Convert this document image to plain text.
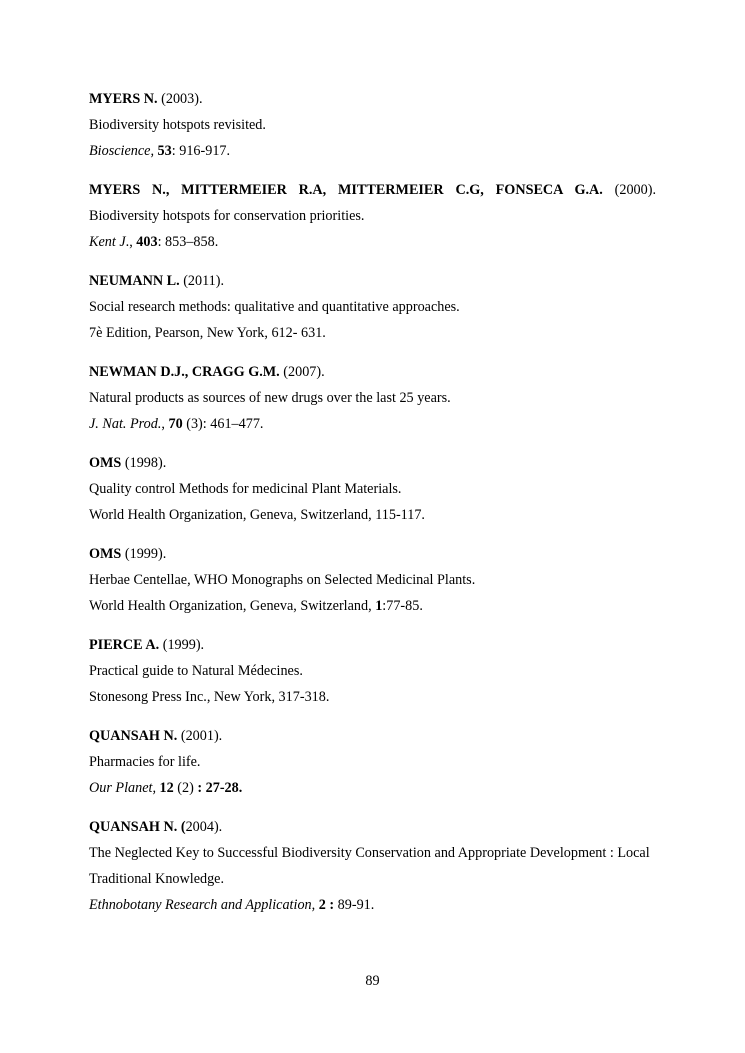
MYERS N. (2003).
Biodiversity hotspots revisited.
Bioscience, 53: 916-917.
MYERS N., MITTERMEIER R.A, MITTERMEIER C.G, FONSECA G.A. (2000).
Biodiversity hotspots for conservation priorities.
Kent J., 403: 853–858.
NEUMANN L. (2011).
Social research methods: qualitative and quantitative approaches.
7è Edition, Pearson, New York, 612- 631.
NEWMAN D.J., CRAGG G.M. (2007).
Natural products as sources of new drugs over the last 25 years.
J. Nat. Prod., 70 (3): 461–477.
OMS (1998).
Quality control Methods for medicinal Plant Materials.
World Health Organization, Geneva, Switzerland, 115-117.
OMS (1999).
Herbae Centellae, WHO Monographs on Selected Medicinal Plants.
World Health Organization, Geneva, Switzerland, 1:77-85.
PIERCE A. (1999).
Practical guide to Natural Médecines.
Stonesong Press Inc., New York, 317-318.
QUANSAH N. (2001).
Pharmacies for life.
Our Planet, 12 (2) : 27-28.
QUANSAH N. (2004).
The Neglected Key to Successful Biodiversity Conservation and Appropriate Development : Local Traditional Knowledge.
Ethnobotany Research and Application, 2 : 89-91.
89
